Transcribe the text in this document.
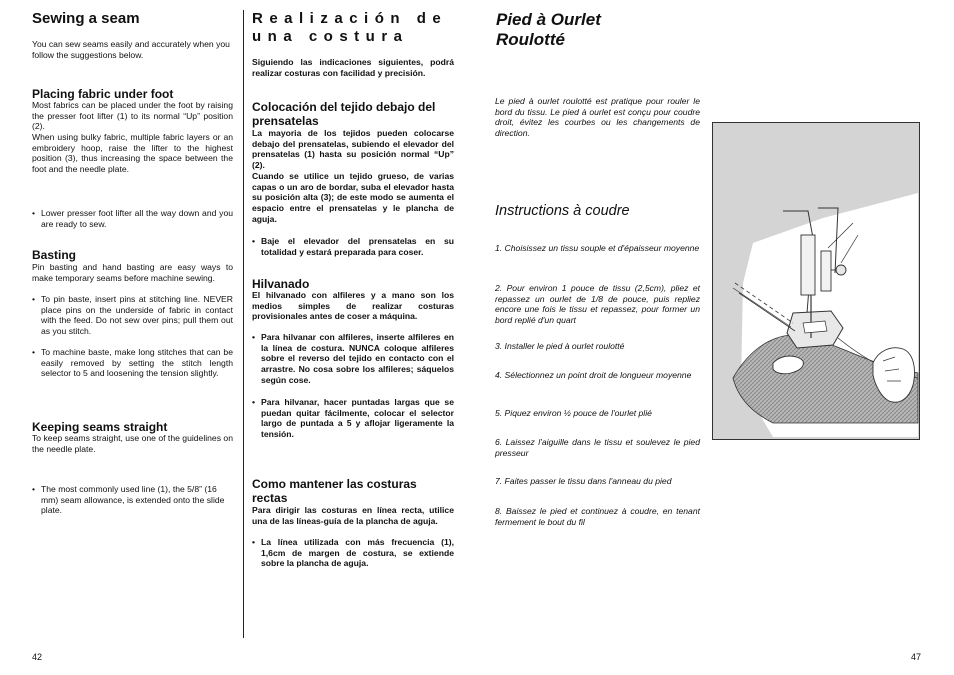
Sewing a seam

You can sew seams easily and accurately when you follow the suggestions below.

Placing fabric under foot

Most fabrics can be placed under the foot by raising the presser foot lifter (1) to its normal “Up” position (2).

When using bulky fabric, multiple fabric layers or an embroidery hoop, raise the lifter to the highest position (3), thus increasing the space between the foot and the needle plate.

• Lower presser foot lifter all the way down and you are ready to sew.

Basting

Pin basting and hand basting are easy ways to make temporary seams before machine sewing.

• To pin baste, insert pins at stitching line. NEVER place pins on the underside of fabric in contact with the feed. Do not sew over pins; pull them out as you stitch.

• To machine baste, make long stitches that can be easily removed by setting the stitch length selector to 5 and loosening the tension slightly.

Keeping seams straight

To keep seams straight, use one of the guidelines on the needle plate.

• The most commonly used line (1), the 5/8” (16 mm) seam allowance, is extended onto the slide plate.

42
Realización de una costura

Siguiendo las indicaciones siguientes, podrá realizar costuras con facilidad y precisión.

Colocación del tejido debajo del prensatelas

La mayoria de los tejidos pueden colocarse debajo del prensatelas, subiendo el elevador del prensatelas (1) hasta su posición normal “Up” (2).

Cuando se utilice un tejido grueso, de varias capas o un aro de bordar, suba el elevador hasta su posición alta (3); de este modo se aumenta el espacio entre el prensatelas y le plancha de aguja.

• Baje el elevador del prensatelas en su totalidad y estará preparada para coser.

Hilvanado

El hilvanado con alfileres y a mano son los medios simples de realizar costuras provisionales antes de coser a máquina.

• Para hilvanar con alfileres, inserte alfileres en la línea de costura. NUNCA coloque alfileres sobre el reverso del tejido en contacto con el arrastre. No cosa sobre los alfileres; sáquelos según cose.

• Para hilvanar, hacer puntadas largas que se puedan quitar fácilmente, colocar el selector largo de puntada a 5 y aflojar ligeramente la tensión.

Como mantener las costuras rectas

Para dirigir las costuras en línea recta, utilice una de las líneas-guía de la plancha de aguja.

• La línea utilizada con más frecuencia (1), 1,6cm de margen de costura, se extiende sobre la plancha de aguja.

Pied à Ourlet
Roulotté

Le pied à ourlet roulotté est pratique pour rouler le bord du tissu. Le pied à ourlet est conçu pour coudre droit, évitez les courbes ou les changements de direction.

Instructions à coudre

1. Choisissez un tissu souple et d'épaisseur moyenne

2. Pour environ 1 pouce de tissu (2,5cm), pliez et repassez un ourlet de 1/8 de pouce, puis repliez encore une fois le tissu et repassez, pour former un bord replié d'un quart

3. Installer le pied à ourlet roulotté

4. Sélectionnez un point droit de longueur moyenne

5. Piquez environ ½ pouce de l'ourlet plié

6. Laissez l'aiguille dans le tissu et soulevez le pied presseur

7. Faites passer le tissu dans l'anneau du pied

8. Baissez le pied et continuez à coudre, en tenant fermement le bout du fil

47
